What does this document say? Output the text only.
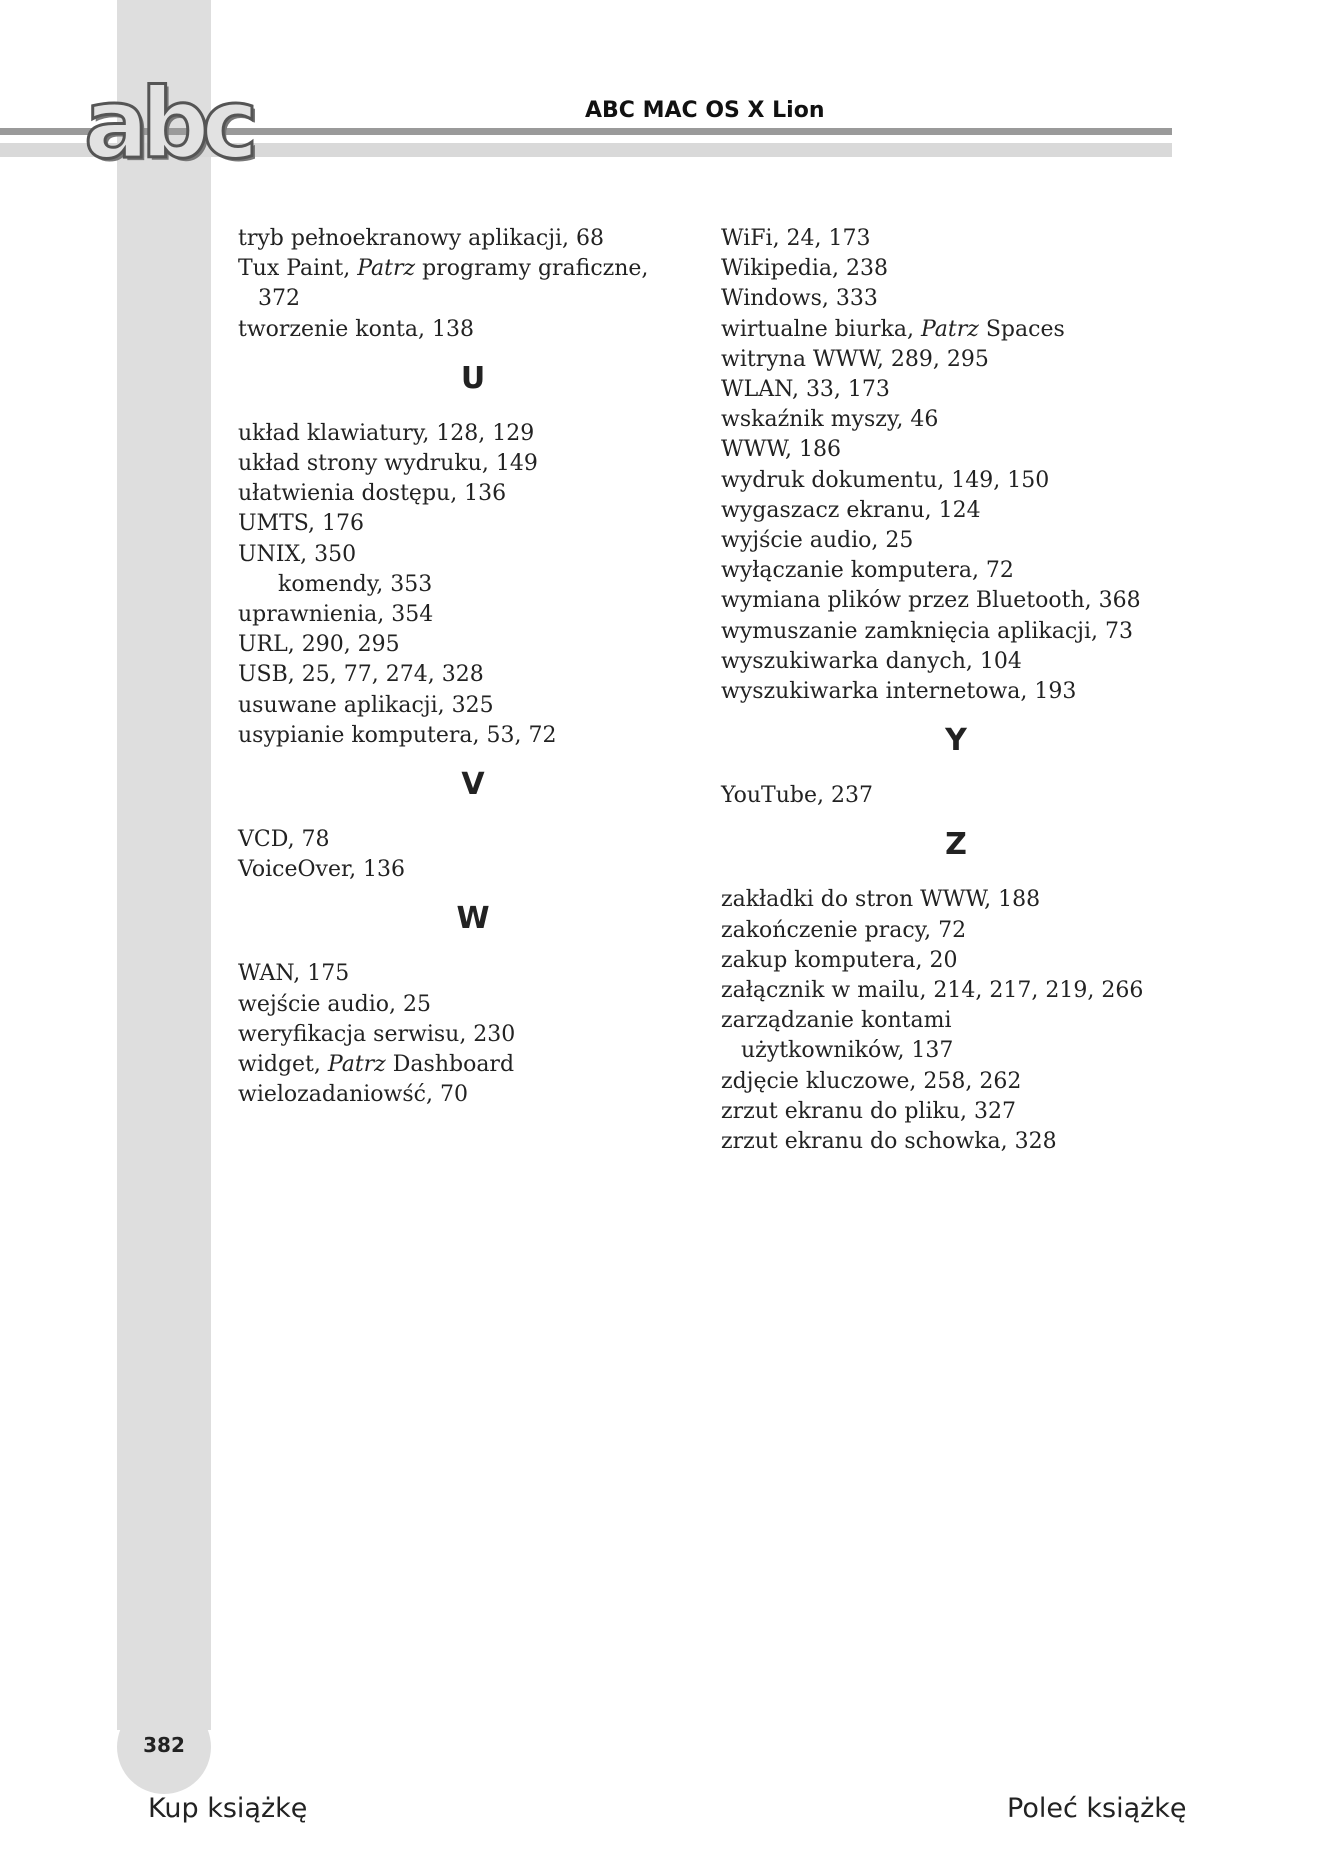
abc	ABC MAC OS X Lion
tryb pełnoekranowy aplikacji, 68
Tux Paint, Patrz programy graficzne,
372
tworzenie konta, 138
U
układ klawiatury, 128, 129
układ strony wydruku, 149
ułatwienia dostępu, 136
UMTS, 176
UNIX, 350
komendy, 353
uprawnienia, 354
URL, 290, 295
USB, 25, 77, 274, 328
usuwane aplikacji, 325
usypianie komputera, 53, 72
V
VCD, 78
VoiceOver, 136
W
WAN, 175
wejście audio, 25
weryfikacja serwisu, 230
widget, Patrz Dashboard
wielozadaniowść, 70
WiFi, 24, 173
Wikipedia, 238
Windows, 333
wirtualne biurka, Patrz Spaces
witryna WWW, 289, 295
WLAN, 33, 173
wskaźnik myszy, 46
WWW, 186
wydruk dokumentu, 149, 150
wygaszacz ekranu, 124
wyjście audio, 25
wyłączanie komputera, 72
wymiana plików przez Bluetooth, 368
wymuszanie zamknięcia aplikacji, 73
wyszukiwarka danych, 104
wyszukiwarka internetowa, 193
Y
YouTube, 237
Z
zakładki do stron WWW, 188
zakończenie pracy, 72
zakup komputera, 20
załącznik w mailu, 214, 217, 219, 266
zarządzanie kontami
użytkowników, 137
zdjęcie kluczowe, 258, 262
zrzut ekranu do pliku, 327
zrzut ekranu do schowka, 328
382
Kup książkę	Poleć książkę
